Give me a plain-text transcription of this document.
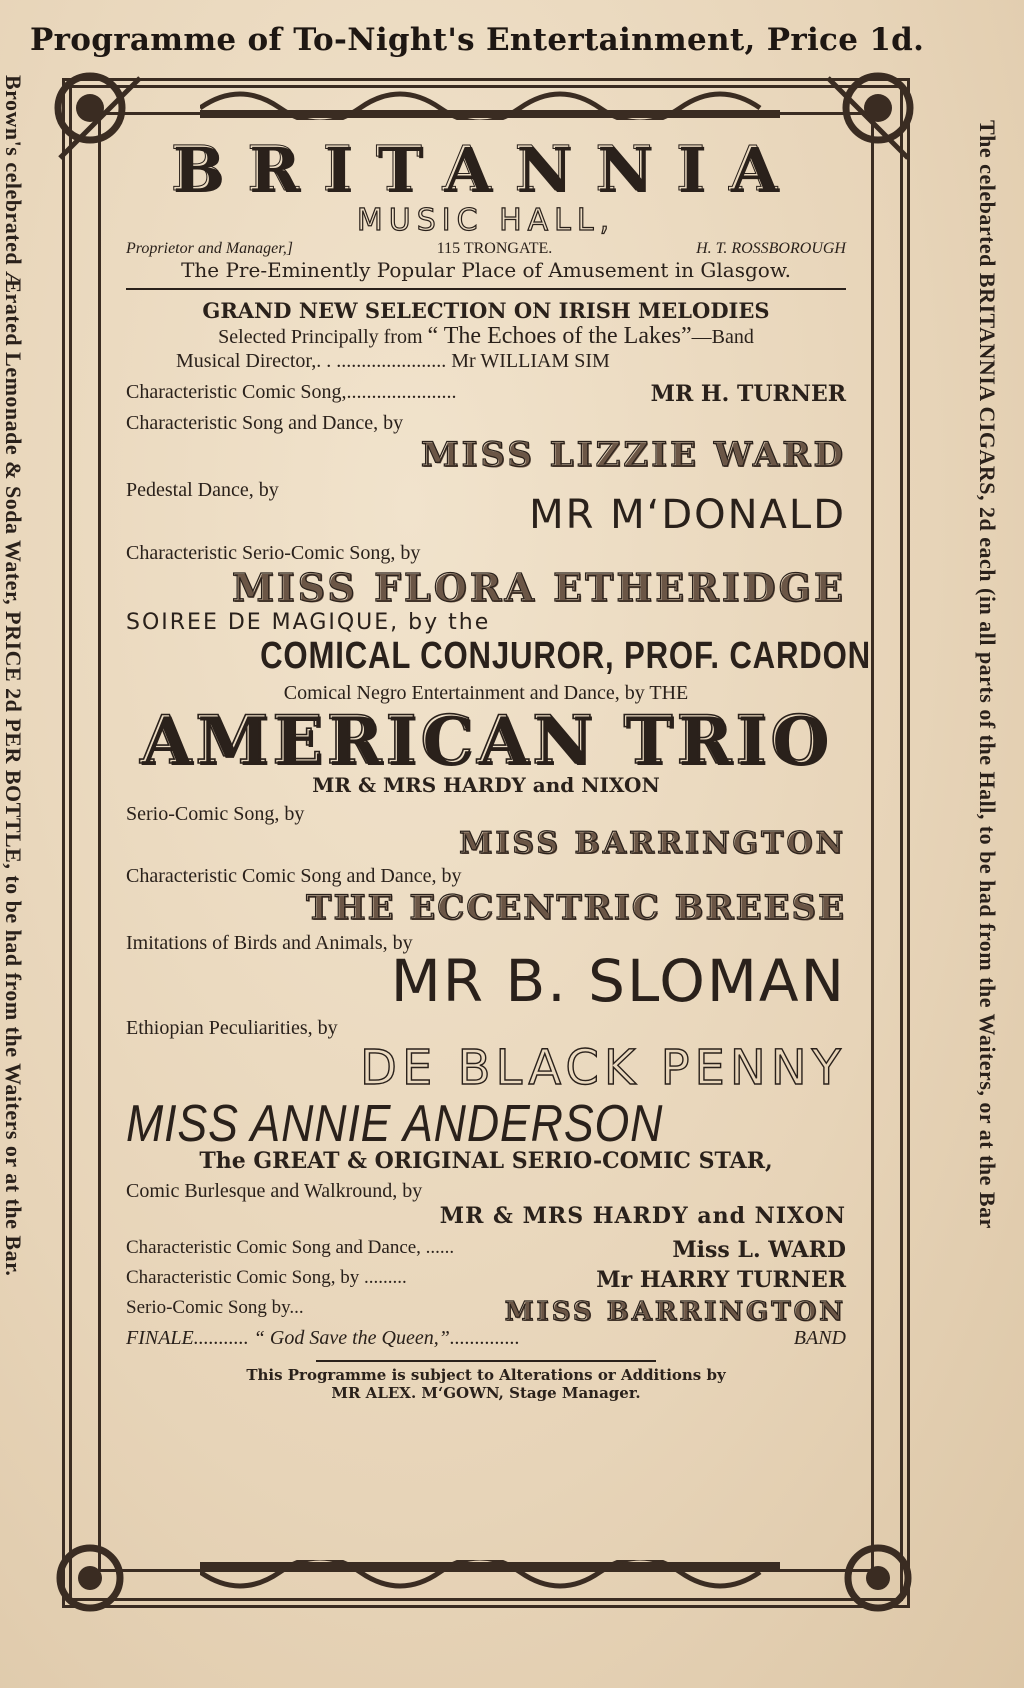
Programme of To-Night's Entertainment, Price 1d.
Brown's celebrated Ærated Lemonade & Soda Water, PRICE 2d PER BOTTLE, to be had from the Waiters or at the Bar.	The celebarted BRITANNIA CIGARS, 2d each (in all parts of the Hall, to be had from the Waiters, or at the Bar
BRITANNIA
MUSIC HALL,
Proprietor and Manager,]	115 TRONGATE.	H. T. ROSSBOROUGH
The Pre-Eminently Popular Place of Amusement in Glasgow.
GRAND NEW SELECTION ON IRISH MELODIES
Selected Principally from “ The Echoes of the Lakes”—Band
Musical Director,. . ...................... Mr WILLIAM SIM
Characteristic Comic Song,......................	MR H. TURNER
Characteristic Song and Dance, by
MISS LIZZIE WARD
Pedestal Dance, by
MR M‘DONALD
Characteristic Serio-Comic Song, by
MISS FLORA ETHERIDGE
SOIREE DE MAGIQUE, by the
COMICAL CONJUROR, PROF. CARDON
Comical Negro Entertainment and Dance, by THE
AMERICAN TRIO
MR & MRS HARDY and NIXON
Serio-Comic Song, by
MISS BARRINGTON
Characteristic Comic Song and Dance, by
THE ECCENTRIC BREESE
Imitations of Birds and Animals, by
MR B. SLOMAN
Ethiopian Peculiarities, by
DE BLACK PENNY
MISS ANNIE ANDERSON
The GREAT & ORIGINAL SERIO-COMIC STAR,
Comic Burlesque and Walkround, by
MR & MRS HARDY and NIXON
Characteristic Comic Song and Dance, ......	Miss L. WARD
Characteristic Comic Song, by .........	Mr HARRY TURNER
Serio-Comic Song by...	MISS BARRINGTON
FINALE........... “ God Save the Queen,”..............	BAND
This Programme is subject to Alterations or Additions by
MR ALEX. M‘GOWN, Stage Manager.
